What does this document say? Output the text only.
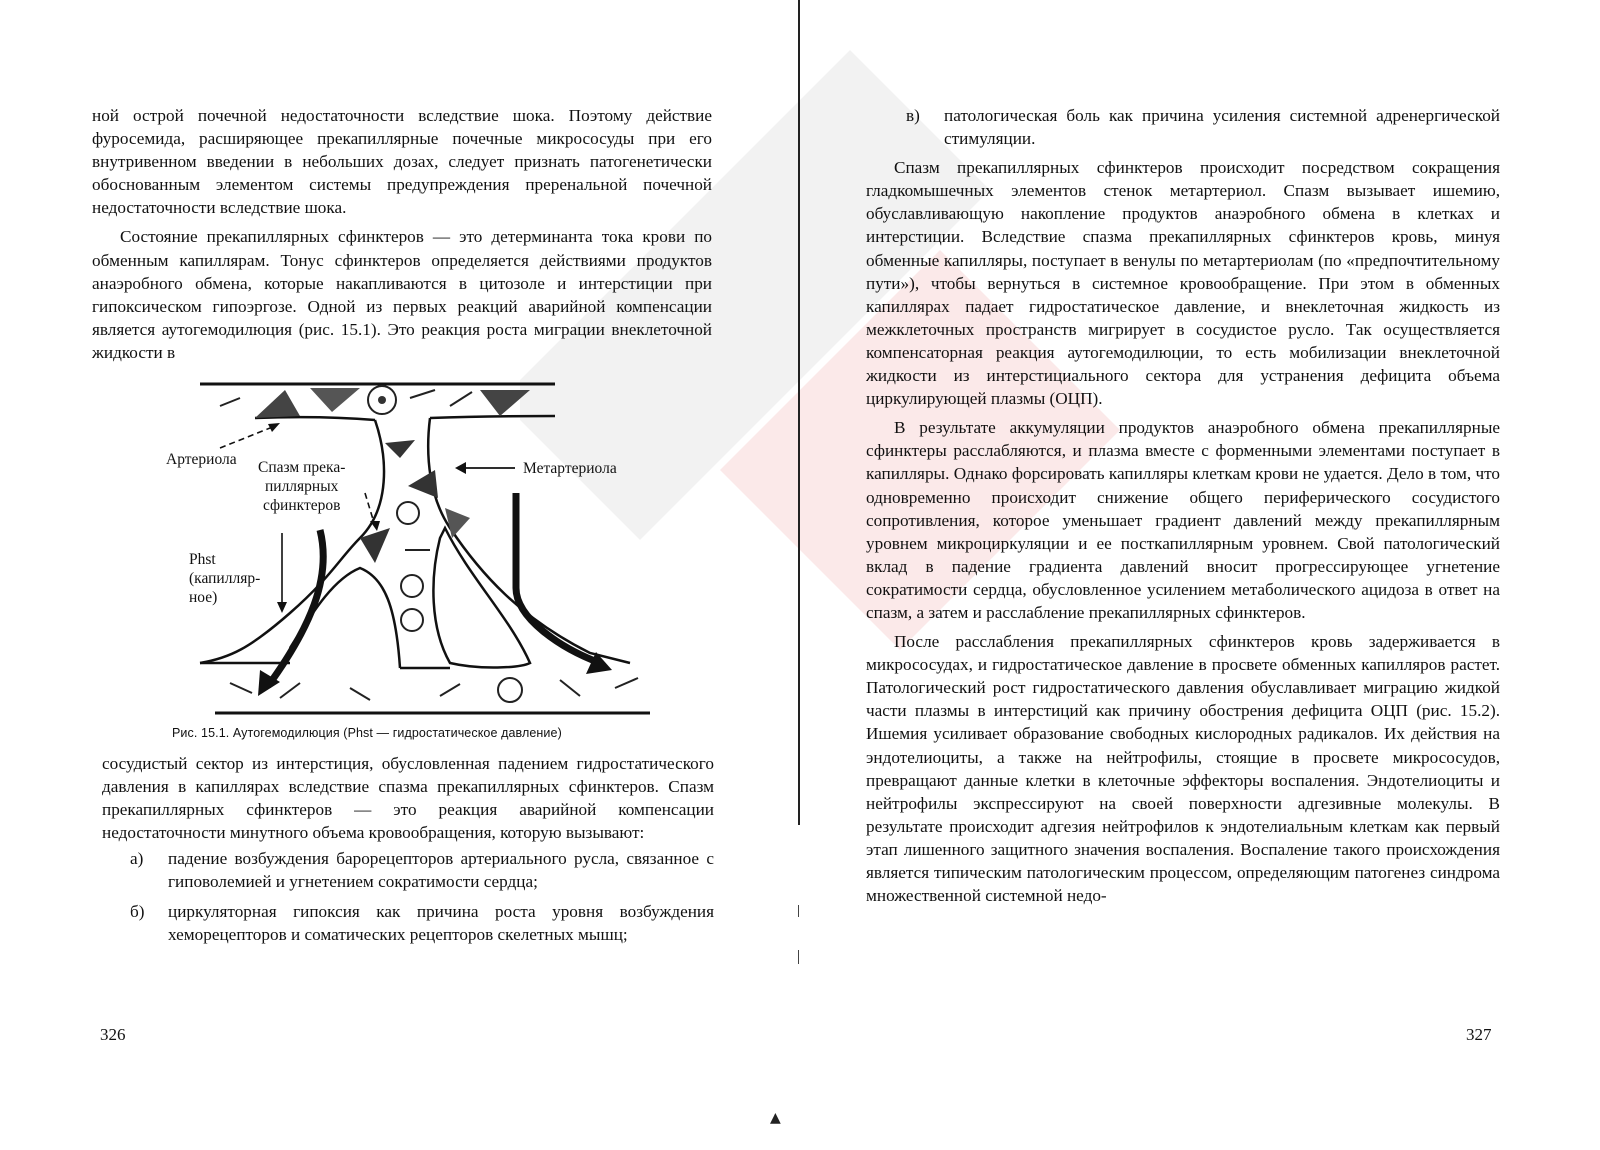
ной острой почечной недостаточности вследствие шока. Поэтому действие фуросемида, расширяющее прекапиллярные почечные микрососуды при его внутривенном введении в небольших дозах, следует признать патогенетически обоснованным элементом системы предупреждения преренальной почечной недостаточности вследствие шока.

Состояние прекапиллярных сфинктеров — это детерминанта тока крови по обменным капиллярам. Тонус сфинктеров определяется действиями продуктов анаэробного обмена, которые накапливаются в цитозоле и интерстиции при гипоксическом гипоэргозе. Одной из первых реакций аварийной компенсации является аутогемодилюция (рис. 15.1). Это реакция роста миграции внеклеточной жидкости в

Артериола Спазм прека-
пиллярных
сфинктеров
Метартериола
Phst
(капилляр-
ное)
Рис. 15.1. Аутогемодилюция (Phst — гидростатическое давление)

сосудистый сектор из интерстиция, обусловленная падением гидростатического давления в капиллярах вследствие спазма прекапиллярных сфинктеров. Спазм прекапиллярных сфинктеров — это реакция аварийной компенсации недостаточности минутного объема кровообращения, которую вызывают:

а)	падение возбуждения барорецепторов артериального русла, связанное с гиповолемией и угнетением сократимости сердца;
б)	циркуляторная гипоксия как причина роста уровня возбуждения хеморецепторов и соматических рецепторов скелетных мышц;
326
в)	патологическая боль как причина усиления системной адренергической стимуляции.

Спазм прекапиллярных сфинктеров происходит посредством сокращения гладкомышечных элементов стенок метартериол. Спазм вызывает ишемию, обуславливающую накопление продуктов анаэробного обмена в клетках и интерстиции. Вследствие спазма прекапиллярных сфинктеров кровь, минуя обменные капилляры, поступает в венулы по метартериолам (по «предпочтительному пути»), чтобы вернуться в системное кровообращение. При этом в обменных капиллярах падает гидростатическое давление, и внеклеточная жидкость из межклеточных пространств мигрирует в сосудистое русло. Так осуществляется компенсаторная реакция аутогемодилюции, то есть мобилизации внеклеточной жидкости из интерстициального сектора для устранения дефицита объема циркулирующей плазмы (ОЦП).

В результате аккумуляции продуктов анаэробного обмена прекапиллярные сфинктеры расслабляются, и плазма вместе с форменными элементами поступает в капилляры. Однако форсировать капилляры клеткам крови не удается. Дело в том, что одновременно происходит снижение общего периферического сосудистого сопротивления, которое уменьшает градиент давлений между прекапиллярным уровнем микроциркуляции и ее посткапиллярным уровнем. Свой патологический вклад в падение градиента давлений вносит прогрессирующее угнетение сократимости сердца, обусловленное усилением метаболического ацидоза в ответ на спазм, а затем и расслабление прекапиллярных сфинктеров.

После расслабления прекапиллярных сфинктеров кровь задерживается в микрососудах, и гидростатическое давление в просвете обменных капилляров растет. Патологический рост гидростатического давления обуславливает миграцию жидкой части плазмы в интерстиций как причину обострения дефицита ОЦП (рис. 15.2). Ишемия усиливает образование свободных кислородных радикалов. Их действия на эндотелиоциты, а также на нейтрофилы, стоящие в просвете микрососудов, превращают данные клетки в клеточные эффекторы воспаления. Эндотелиоциты и нейтрофилы экспрессируют на своей поверхности адгезивные молекулы. В результате происходит адгезия нейтрофилов к эндотелиальным клеткам как первый этап лишенного защитного значения воспаления. Воспаление такого происхождения является типическим патологическим процессом, определяющим патогенез синдрома множественной системной недо-

327
▲
